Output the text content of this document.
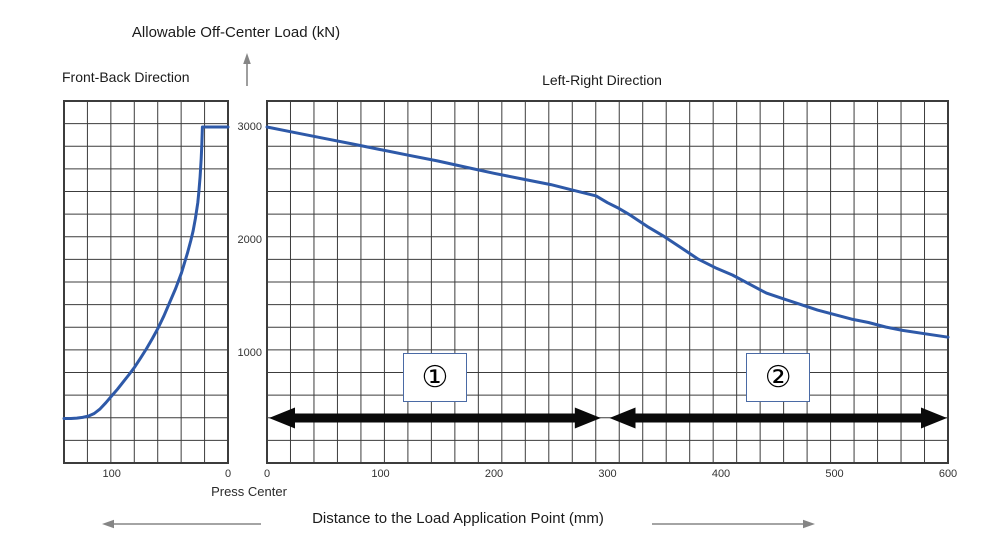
Allowable Off-Center Load (kN)
Front-Back Direction	Left-Right Direction
100	0	0	100	200	300	400	500	600
3000
2000
1000
Press Center
Distance to the Load Application Point (mm)
①	②
